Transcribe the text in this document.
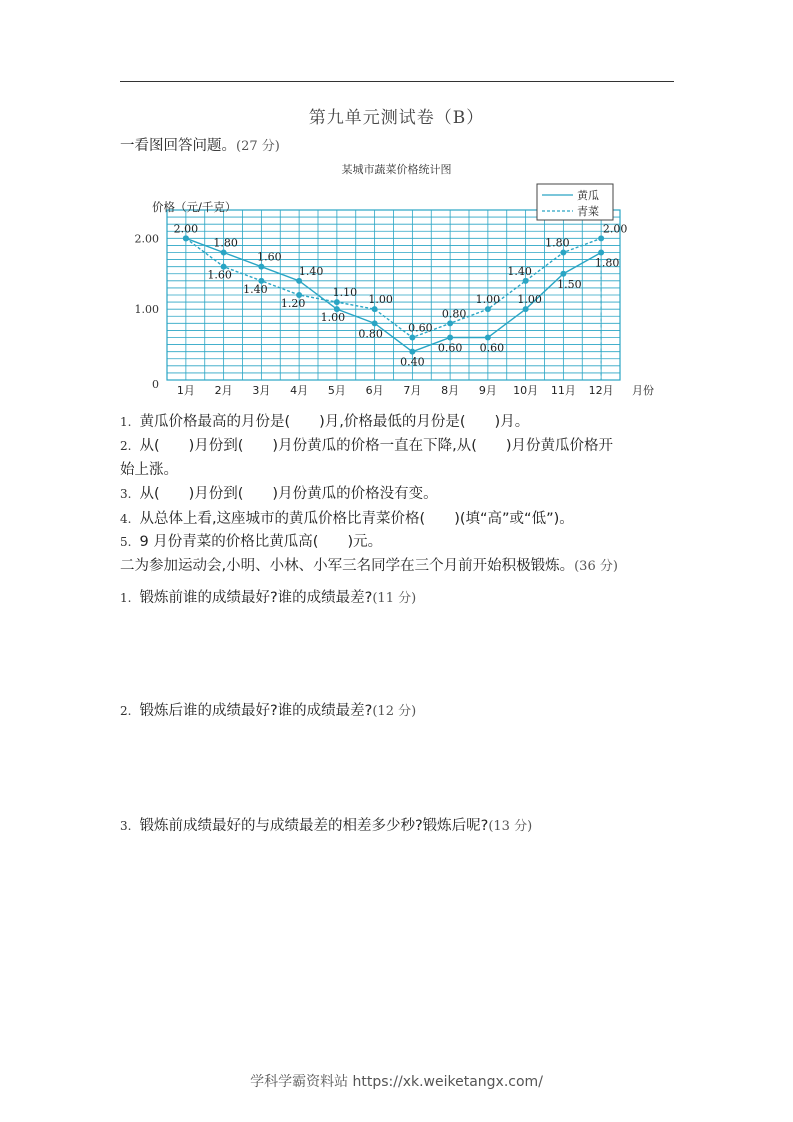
第九单元测试卷（B）
一看图回答问题。(27 分)
某城市蔬菜价格统计图
2.00
1.00
0
价格（元/千克）
1月 2月 3月 4月 5月 6月 7月 8月 9月 10月 11月 12月 月份
2.00
1.80
1.60
1.40
1.00
0.80
0.40
0.60 0.60
1.00
1.50
1.80
1.60
1.40
1.20
1.10
1.00
0.60
0.80
1.00
1.40
1.80
2.00
黄瓜
青菜
1. 黄瓜价格最高的月份是(　　)月,价格最低的月份是(　　)月。
2. 从(　　)月份到(　　)月份黄瓜的价格一直在下降,从(　　)月份黄瓜价格开
始上涨。
3. 从(　　)月份到(　　)月份黄瓜的价格没有变。
4. 从总体上看,这座城市的黄瓜价格比青菜价格(　　)(填“高”或“低”)。
5. 9 月份青菜的价格比黄瓜高(　　)元。
二为参加运动会,小明、小林、小军三名同学在三个月前开始积极锻炼。(36 分)
1. 锻炼前谁的成绩最好?谁的成绩最差?(11 分)
2. 锻炼后谁的成绩最好?谁的成绩最差?(12 分)
3. 锻炼前成绩最好的与成绩最差的相差多少秒?锻炼后呢?(13 分)
学科学霸资料站 https://xk.weiketangx.com/
